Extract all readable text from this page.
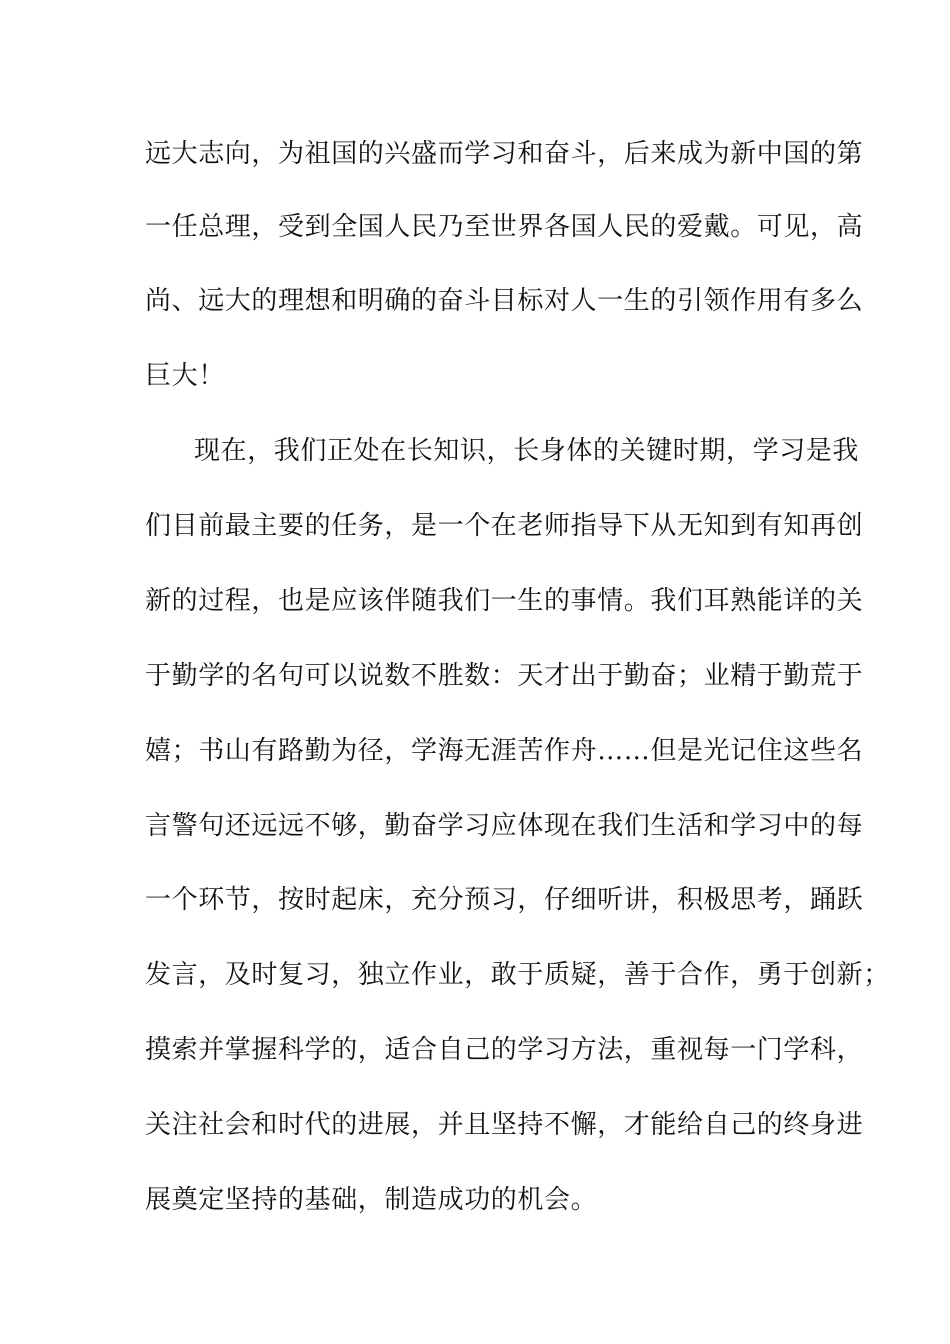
远大志向，为祖国的兴盛而学习和奋斗，后来成为新中国的第
一任总理，受到全国人民乃至世界各国人民的爱戴。可见，高
尚、远大的理想和明确的奋斗目标对人一生的引领作用有多么
巨大！
现在，我们正处在长知识，长身体的关键时期，学习是我
们目前最主要的任务，是一个在老师指导下从无知到有知再创
新的过程，也是应该伴随我们一生的事情。我们耳熟能详的关
于勤学的名句可以说数不胜数：天才出于勤奋；业精于勤荒于
嬉；书山有路勤为径，学海无涯苦作舟……但是光记住这些名
言警句还远远不够，勤奋学习应体现在我们生活和学习中的每
一个环节，按时起床，充分预习，仔细听讲，积极思考，踊跃
发言，及时复习，独立作业，敢于质疑，善于合作，勇于创新；
摸索并掌握科学的，适合自己的学习方法，重视每一门学科，
关注社会和时代的进展，并且坚持不懈，才能给自己的终身进
展奠定坚持的基础，制造成功的机会。
